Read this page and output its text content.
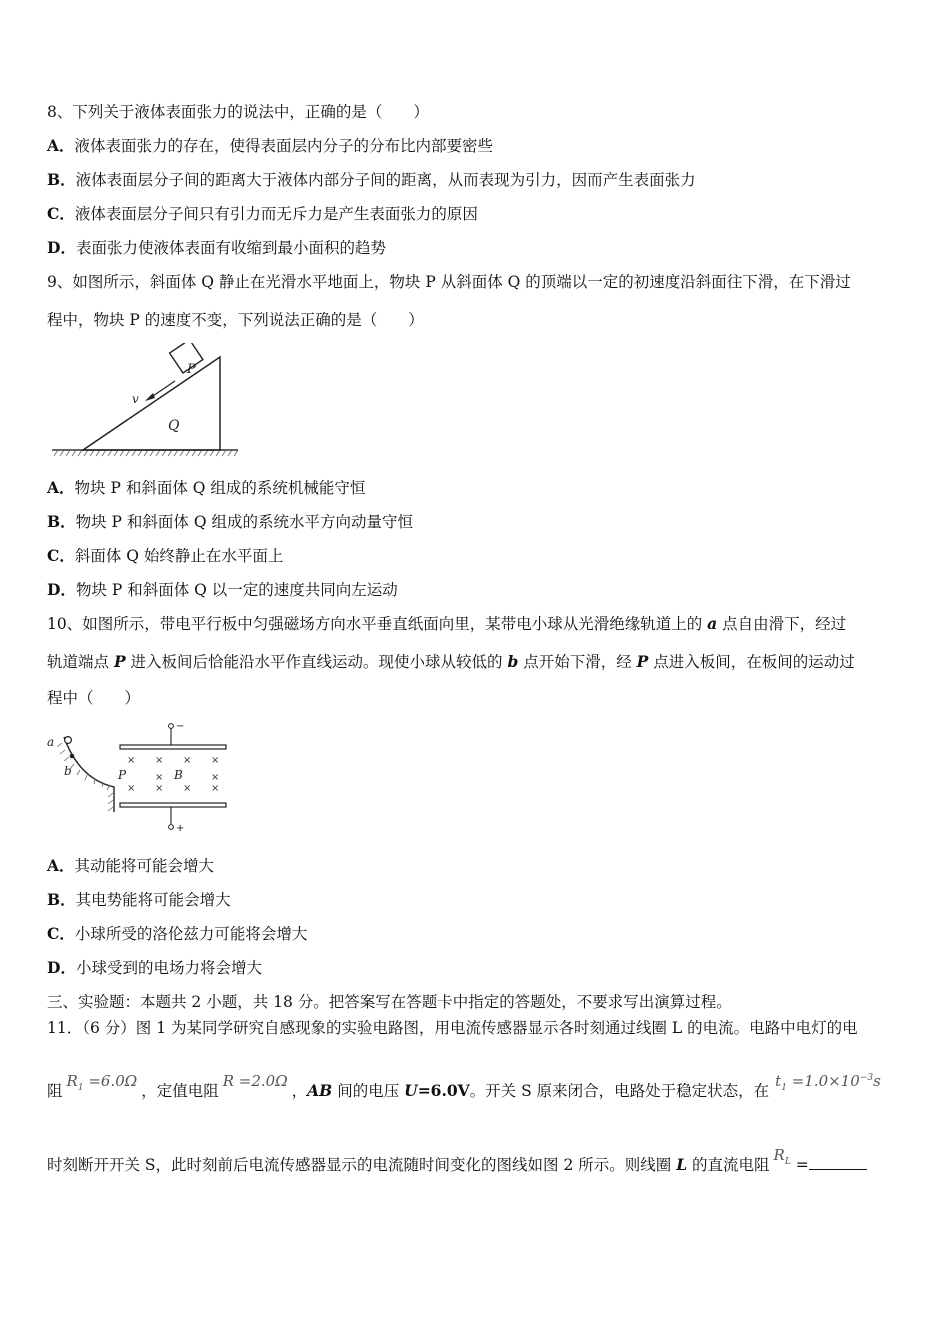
8、下列关于液体表面张力的说法中，正确的是（　　）
A．液体表面张力的存在，使得表面层内分子的分布比内部要密些
B．液体表面层分子间的距离大于液体内部分子间的距离，从而表现为引力，因而产生表面张力
C．液体表面层分子间只有引力而无斥力是产生表面张力的原因
D．表面张力使液体表面有收缩到最小面积的趋势
9、如图所示，斜面体 Q 静止在光滑水平地面上，物块 P 从斜面体 Q 的顶端以一定的初速度沿斜面往下滑，在下滑过
程中，物块 P 的速度不变，下列说法正确的是（　　）
P
Q
v
A．物块 P 和斜面体 Q 组成的系统机械能守恒
B．物块 P 和斜面体 Q 组成的系统水平方向动量守恒
C．斜面体 Q 始终静止在水平面上
D．物块 P 和斜面体 Q 以一定的速度共同向左运动
10、如图所示，带电平行板中匀强磁场方向水平垂直纸面向里，某带电小球从光滑绝缘轨道上的 a 点自由滑下，经过
轨道端点 P 进入板间后恰能沿水平作直线运动。现使小球从较低的 b 点开始下滑，经 P 点进入板间，在板间的运动过
程中（　　）
a
b
−
+
× × × ×
×	×
× × × ×
P	B
A．其动能将可能会增大
B．其电势能将可能会增大
C．小球所受的洛伦兹力可能将会增大
D．小球受到的电场力将会增大
三、实验题：本题共 2 小题，共 18 分。把答案写在答题卡中指定的答题处，不要求写出演算过程。
11．（6 分）图 1 为某同学研究自感现象的实验电路图，用电流传感器显示各时刻通过线圈 L 的电流。电路中电灯的电
阻$R_1 =6.0\Omega$，定值电阻R =2.0Ω，AB 间的电压 U=6.0V。开关 S 原来闭合，电路处于稳定状态，在$t_1 =1.0\times 10^{-3}s$
时刻断开开关 S，此时刻前后电流传感器显示的电流随时间变化的图线如图 2 所示。则线圈 L 的直流电阻$R_L$ =
